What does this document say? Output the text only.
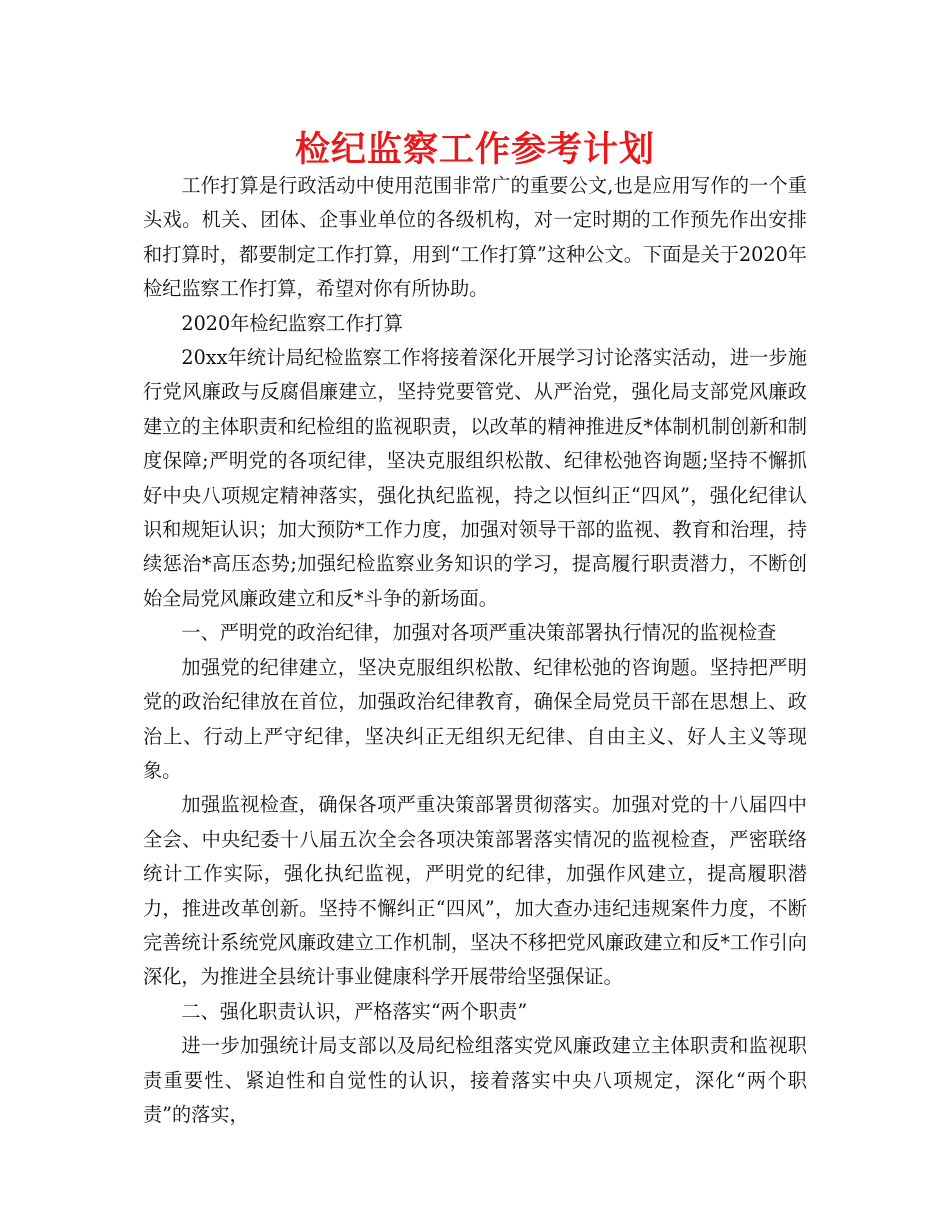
检纪监察工作参考计划

工作打算是行政活动中使用范围非常广的重要公文,也是应用写作的一个重头戏。机关、团体、企事业单位的各级机构，对一定时期的工作预先作出安排和打算时，都要制定工作打算，用到“工作打算”这种公文。下面是关于2020年检纪监察工作打算，希望对你有所协助。

2020年检纪监察工作打算

20xx年统计局纪检监察工作将接着深化开展学习讨论落实活动，进一步施行党风廉政与反腐倡廉建立，坚持党要管党、从严治党，强化局支部党风廉政建立的主体职责和纪检组的监视职责，以改革的精神推进反*体制机制创新和制度保障;严明党的各项纪律，坚决克服组织松散、纪律松弛咨询题;坚持不懈抓好中央八项规定精神落实，强化执纪监视，持之以恒纠正“四风”，强化纪律认识和规矩认识；加大预防*工作力度，加强对领导干部的监视、教育和治理，持续惩治*高压态势;加强纪检监察业务知识的学习，提高履行职责潜力，不断创始全局党风廉政建立和反*斗争的新场面。

一、严明党的政治纪律，加强对各项严重决策部署执行情况的监视检查

加强党的纪律建立，坚决克服组织松散、纪律松弛的咨询题。坚持把严明党的政治纪律放在首位，加强政治纪律教育，确保全局党员干部在思想上、政治上、行动上严守纪律，坚决纠正无组织无纪律、自由主义、好人主义等现象。

加强监视检查，确保各项严重决策部署贯彻落实。加强对党的十八届四中全会、中央纪委十八届五次全会各项决策部署落实情况的监视检查，严密联络统计工作实际，强化执纪监视，严明党的纪律，加强作风建立，提高履职潜力，推进改革创新。坚持不懈纠正“四风”，加大查办违纪违规案件力度，不断完善统计系统党风廉政建立工作机制，坚决不移把党风廉政建立和反*工作引向深化，为推进全县统计事业健康科学开展带给坚强保证。

二、强化职责认识，严格落实“两个职责”

进一步加强统计局支部以及局纪检组落实党风廉政建立主体职责和监视职责重要性、紧迫性和自觉性的认识，接着落实中央八项规定，深化“两个职责”的落实，
